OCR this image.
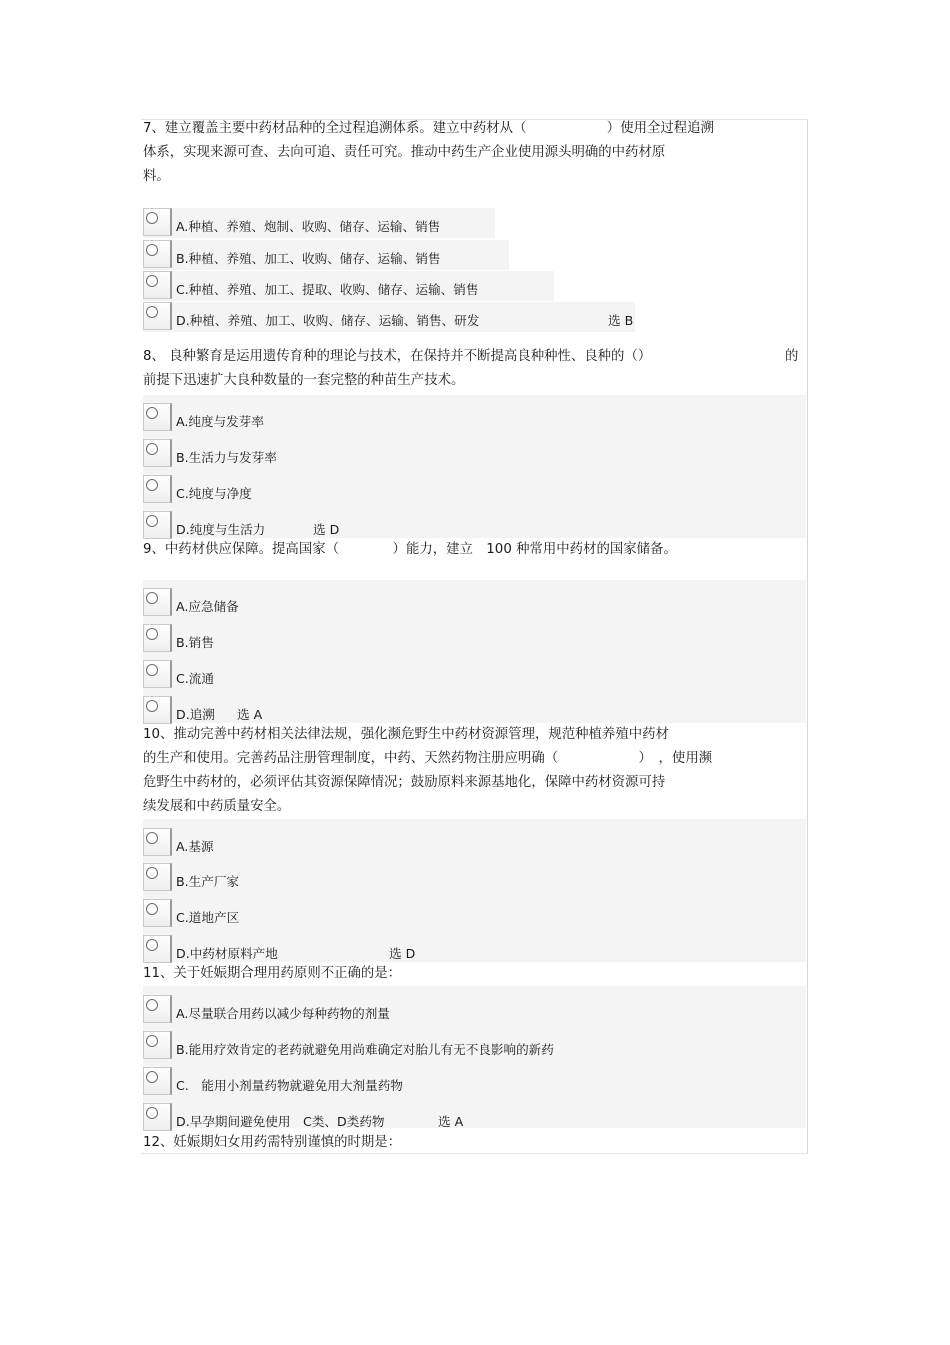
7、建立覆盖主要中药材品种的全过程追溯体系。建立中药材从（　　　　　　）使用全过程追溯
体系，实现来源可查、去向可追、责任可究。推动中药生产企业使用源头明确的中药材原
料。
A.种植、养殖、炮制、收购、储存、运输、销售
B.种植、养殖、加工、收购、储存、运输、销售
C.种植、养殖、加工、提取、收购、储存、运输、销售
D.种植、养殖、加工、收购、储存、运输、销售、研发	选 B
8、 良种繁育是运用遗传育种的理论与技术，在保持并不断提高良种种性、良种的（）
前提下迅速扩大良种数量的一套完整的种苗生产技术。
的
A.纯度与发芽率
B.生活力与发芽率
C.纯度与净度
D.纯度与生活力	选 D
9、中药材供应保障。提高国家（　　　　）能力，建立　100 种常用中药材的国家储备。
A.应急储备
B.销售
C.流通
D.追溯 选 A
10、推动完善中药材相关法律法规，强化濒危野生中药材资源管理，规范种植养殖中药材
的生产和使用。完善药品注册管理制度，中药、天然药物注册应明确（　　　　　　）　，使用濒
危野生中药材的，必须评估其资源保障情况；鼓励原料来源基地化，保障中药材资源可持
续发展和中药质量安全。
A.基源
B.生产厂家
C.道地产区
D.中药材原料产地	选 D
11、关于妊娠期合理用药原则不正确的是：
A.尽量联合用药以减少每种药物的剂量
B.能用疗效肯定的老药就避免用尚难确定对胎儿有无不良影响的新药
C.　能用小剂量药物就避免用大剂量药物
D.早孕期间避免使用　C类、D类药物	选 A
12、妊娠期妇女用药需特别谨慎的时期是：
